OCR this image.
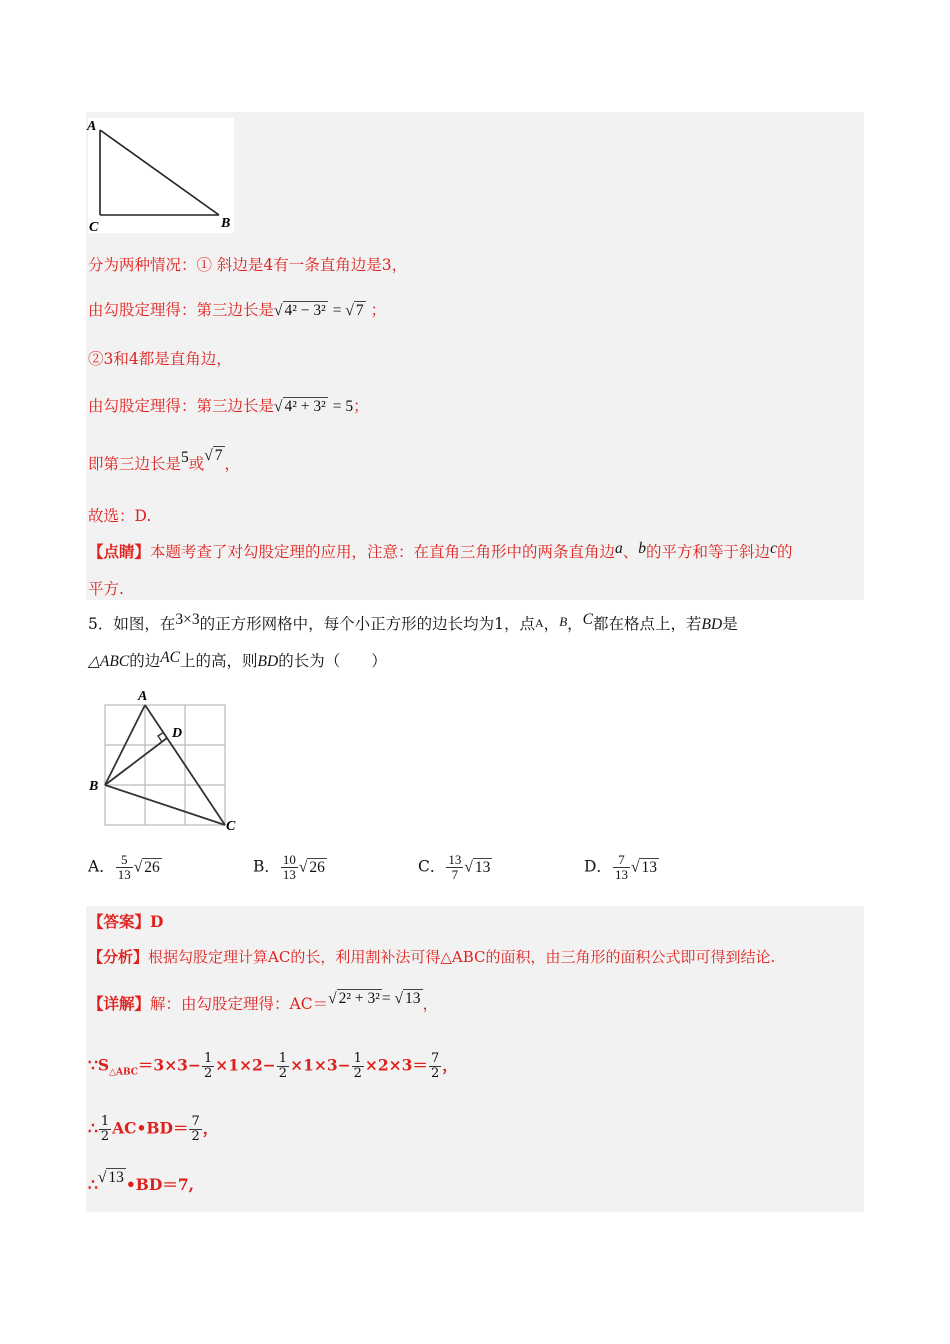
A
C	B
分为两种情况：① 斜边是4有一条直角边是3，
由勾股定理得：第三边长是√ 4² − 3² = √ 7 ；
②3和4都是直角边，
由勾股定理得：第三边长是√ 4² + 3² = 5；
即第三边长是5或√ 7 ，
故选：D.
【点睛】本题考查了对勾股定理的应用，注意：在直角三角形中的两条直角边a、b的平方和等于斜边c的
平方.
5．如图，在3×3的正方形网格中，每个小正方形的边长均为1，点A，B，C都在格点上，若BD是
△ABC的边AC上的高，则BD的长为（　　）
A
D
B
C
A． $\frac{5}{13}$ √ 26	B． $\frac{10}{13}$ √ 26	C． $\frac{13}{7}$ √ 13	D． $\frac{7}{13}$ √ 13
【答案】D
【分析】根据勾股定理计算AC的长，利用割补法可得△ABC的面积，由三角形的面积公式即可得到结论.
【详解】解：由勾股定理得：AC＝√ 2² + 3² = √ 13 ，
$\because S_{\triangle ABC}=3\times 3- \frac{1}{2} \times 1\times 2- \frac{1}{2} \times 1\times 3- \frac{1}{2} \times 2\times 3= \frac{7}{2}$ ，
∴ $\frac{1}{2}$ AC•BD＝ $\frac{7}{2}$ ，
∴√ 13 •BD＝7,
